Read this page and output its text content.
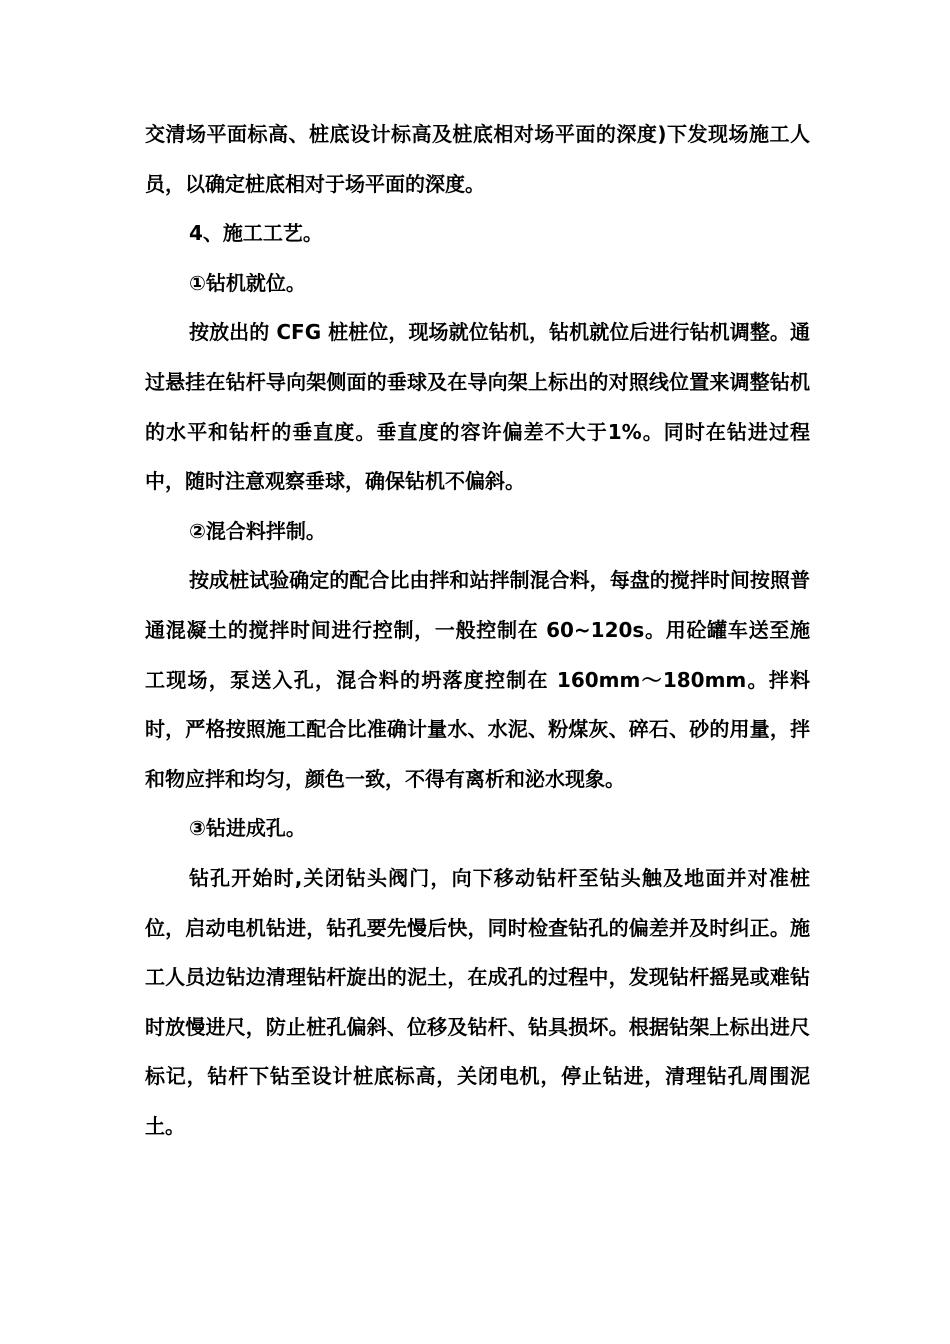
交清场平面标高、桩底设计标高及桩底相对场平面的深度)下发现场施工人员，以确定桩底相对于场平面的深度。

4、施工工艺。

①钻机就位。

按放出的 CFG 桩桩位，现场就位钻机，钻机就位后进行钻机调整。通过悬挂在钻杆导向架侧面的垂球及在导向架上标出的对照线位置来调整钻机的水平和钻杆的垂直度。垂直度的容许偏差不大于1%。同时在钻进过程中，随时注意观察垂球，确保钻机不偏斜。

②混合料拌制。

按成桩试验确定的配合比由拌和站拌制混合料，每盘的搅拌时间按照普通混凝土的搅拌时间进行控制，一般控制在 60~120s。用砼罐车送至施工现场，泵送入孔，混合料的坍落度控制在 160mm～180mm。拌料时，严格按照施工配合比准确计量水、水泥、粉煤灰、碎石、砂的用量，拌和物应拌和均匀，颜色一致，不得有离析和泌水现象。

③钻进成孔。

钻孔开始时,关闭钻头阀门，向下移动钻杆至钻头触及地面并对准桩位，启动电机钻进，钻孔要先慢后快，同时检查钻孔的偏差并及时纠正。施工人员边钻边清理钻杆旋出的泥土，在成孔的过程中，发现钻杆摇晃或难钻时放慢进尺，防止桩孔偏斜、位移及钻杆、钻具损坏。根据钻架上标出进尺标记，钻杆下钻至设计桩底标高，关闭电机，停止钻进，清理钻孔周围泥土。
